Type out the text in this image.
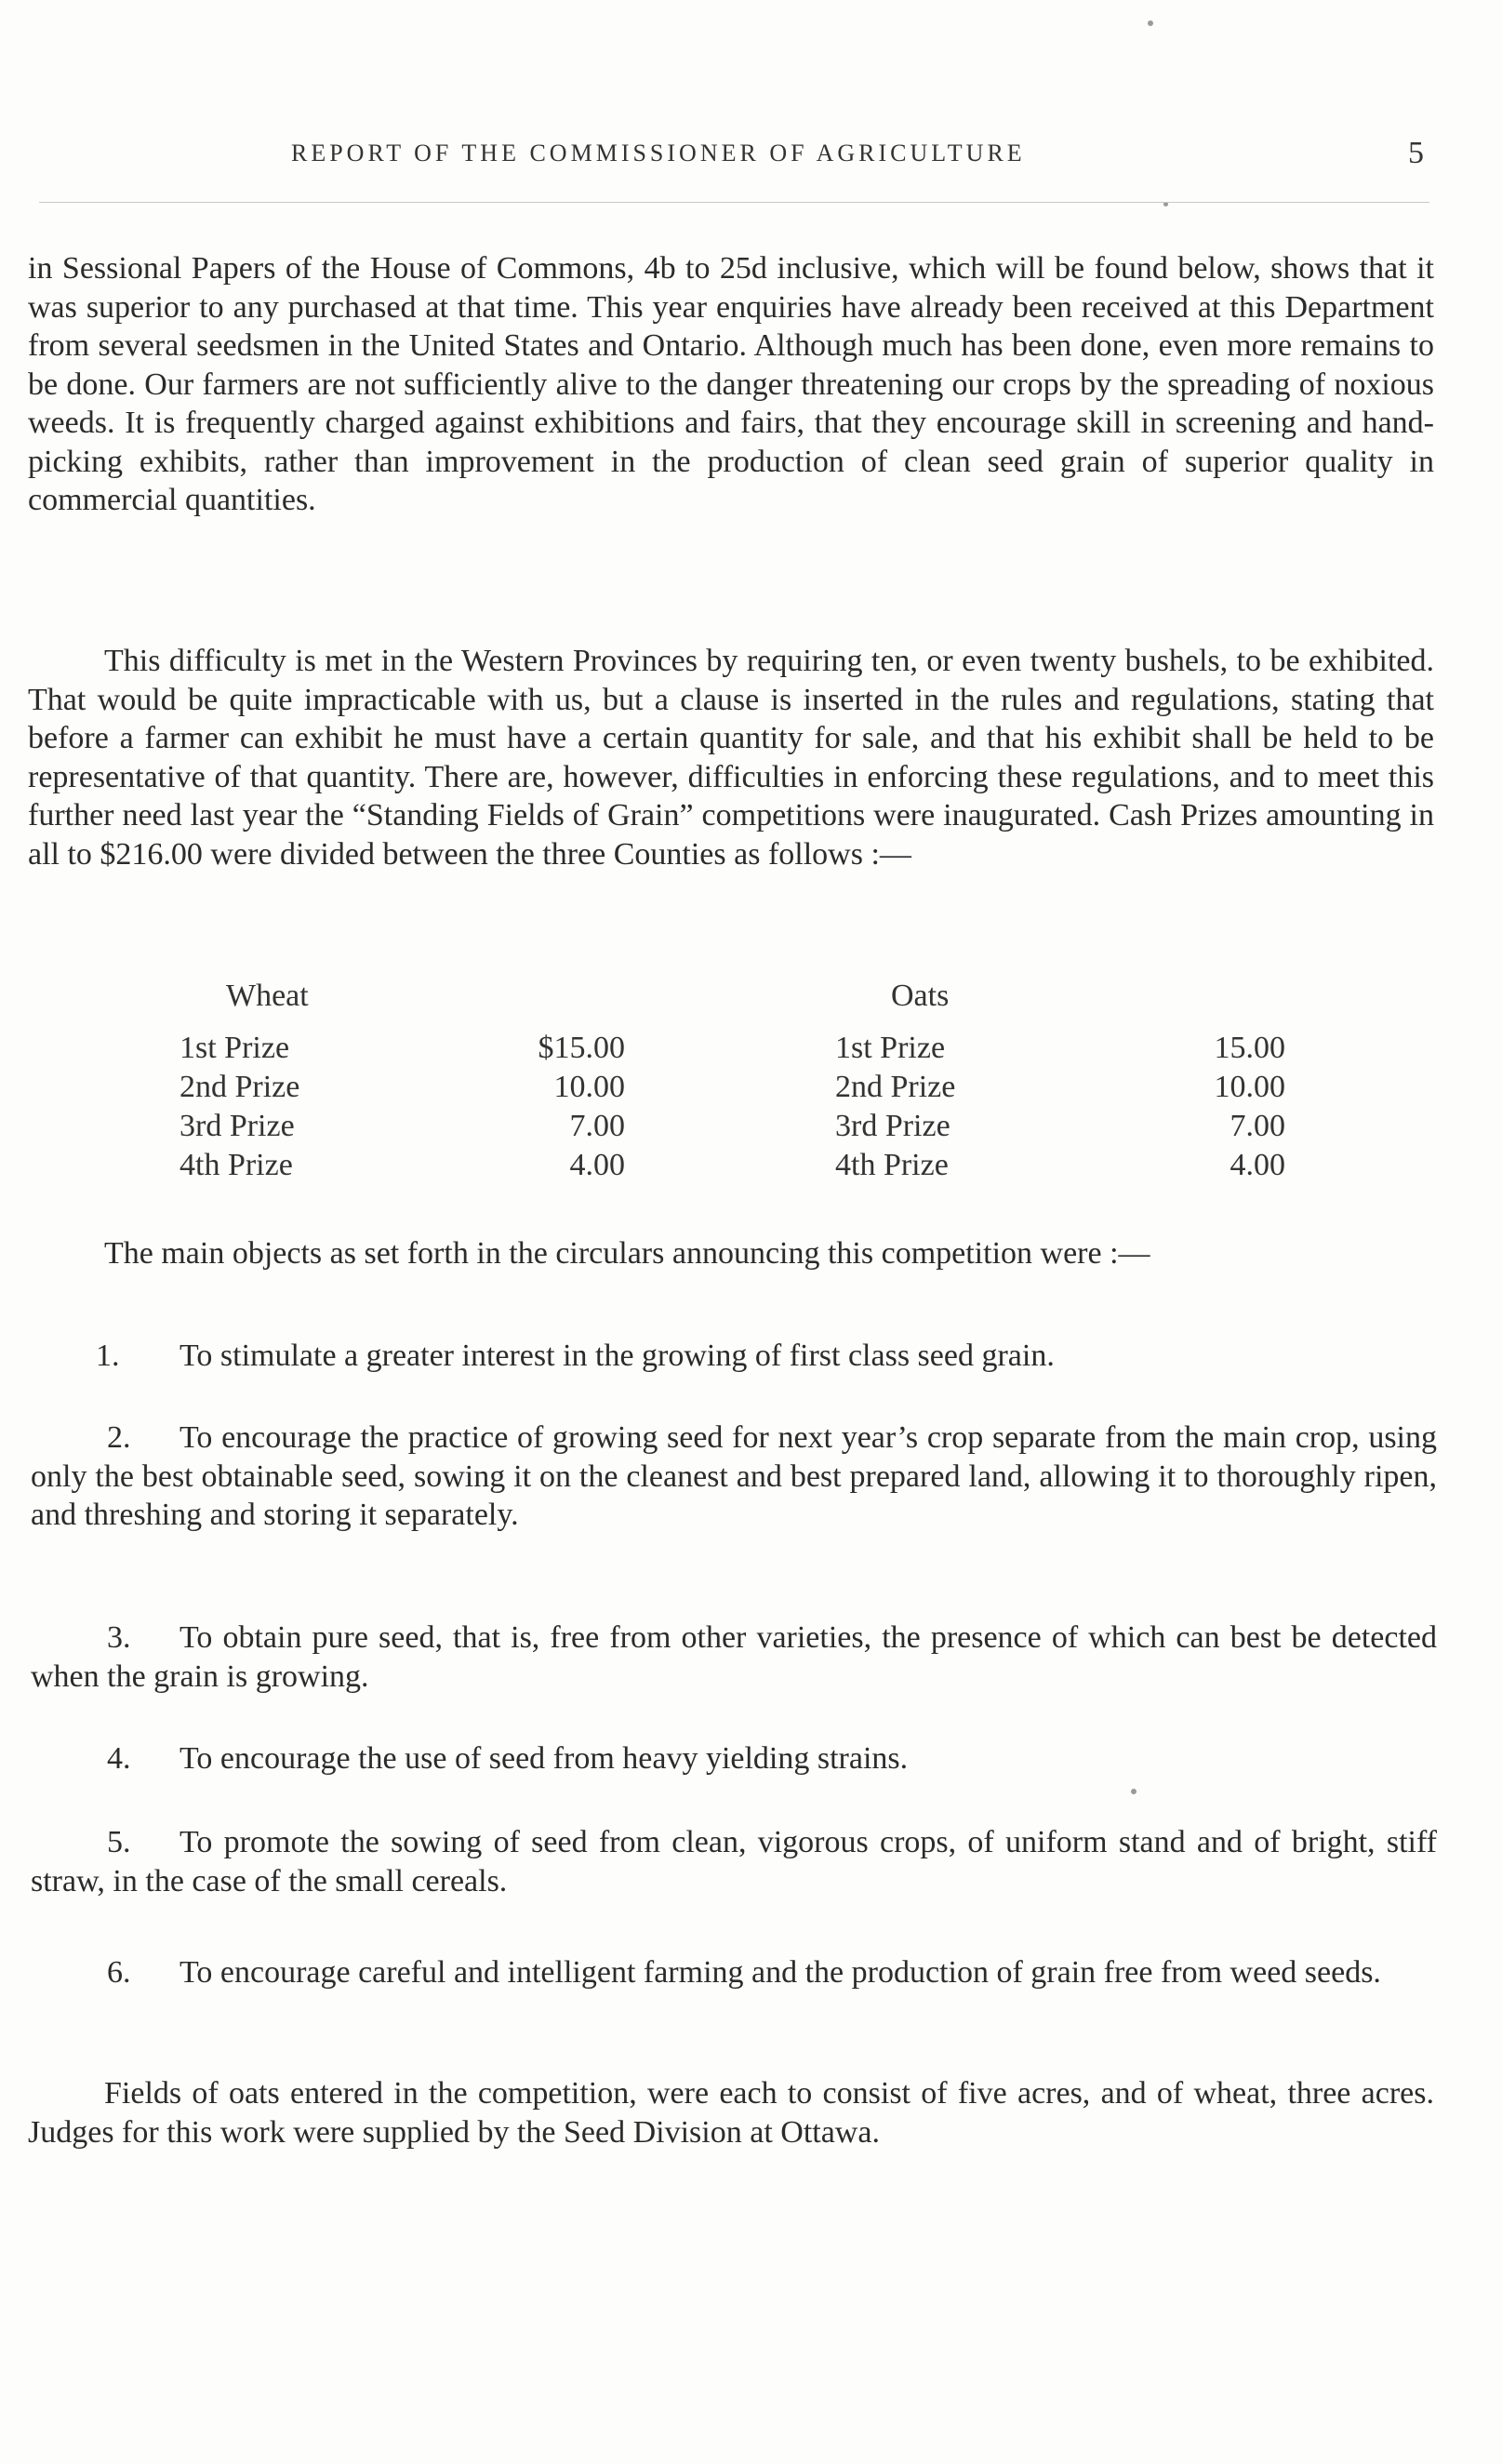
REPORT OF THE COMMISSIONER OF AGRICULTURE	5
in Sessional Papers of the House of Commons, 4b to 25d inclusive, which will be found below, shows that it was superior to any purchased at that time. This year enquiries have already been received at this Department from several seedsmen in the United States and Ontario. Although much has been done, even more remains to be done. Our farmers are not sufficiently alive to the danger threatening our crops by the spreading of noxious weeds. It is frequently charged against exhibitions and fairs, that they encourage skill in screening and hand-picking exhibits, rather than improvement in the production of clean seed grain of superior quality in commercial quantities.
This difficulty is met in the Western Provinces by requiring ten, or even twenty bushels, to be exhibited. That would be quite impracticable with us, but a clause is inserted in the rules and regulations, stating that before a farmer can exhibit he must have a certain quantity for sale, and that his exhibit shall be held to be representative of that quantity. There are, however, difficulties in enforcing these regulations, and to meet this further need last year the “Standing Fields of Grain” competitions were inaugurated. Cash Prizes amounting in all to $216.00 were divided between the three Counties as follows :—
Wheat	Oats
1st Prize	$15.00	1st Prize	15.00
2nd Prize	10.00	2nd Prize	10.00
3rd Prize	7.00	3rd Prize	7.00
4th Prize	4.00	4th Prize	4.00
The main objects as set forth in the circulars announcing this competition were :—
1. To stimulate a greater interest in the growing of first class seed grain.
2. To encourage the practice of growing seed for next year’s crop separate from the main crop, using only the best obtainable seed, sowing it on the cleanest and best prepared land, allowing it to thoroughly ripen, and threshing and storing it separately.
3. To obtain pure seed, that is, free from other varieties, the presence of which can best be detected when the grain is growing.
4. To encourage the use of seed from heavy yielding strains.
5. To promote the sowing of seed from clean, vigorous crops, of uniform stand and of bright, stiff straw, in the case of the small cereals.
6. To encourage careful and intelligent farming and the production of grain free from weed seeds.
Fields of oats entered in the competition, were each to consist of five acres, and of wheat, three acres. Judges for this work were supplied by the Seed Division at Ottawa.
